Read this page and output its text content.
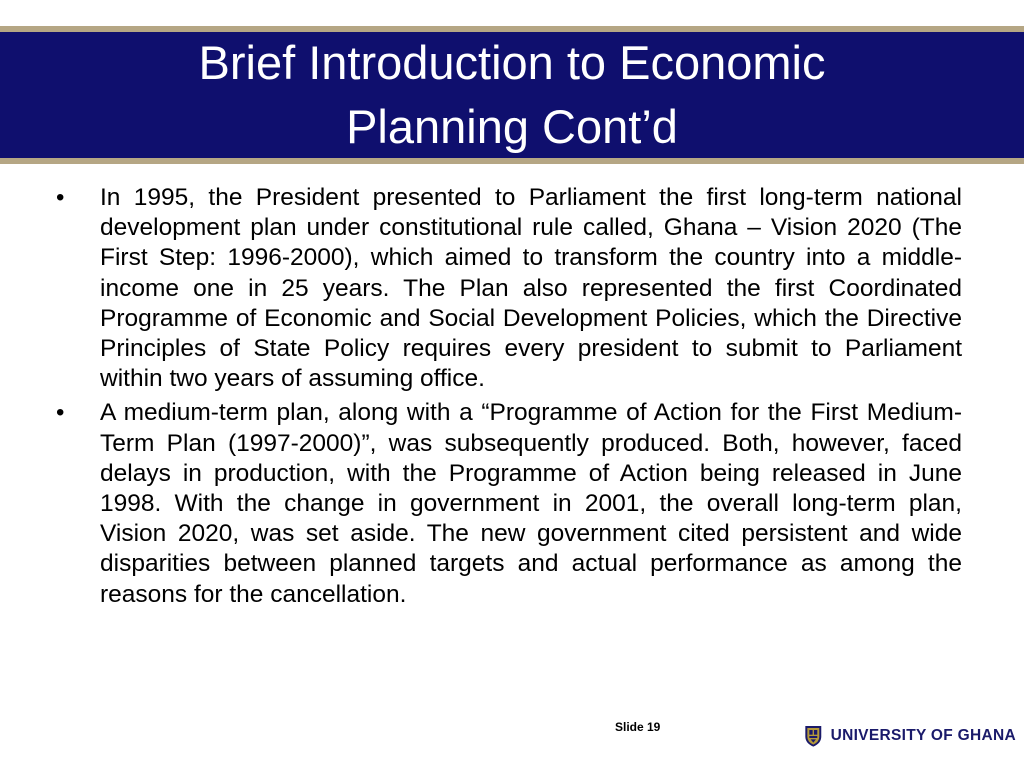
Brief Introduction to Economic
Planning Cont’d

• In 1995, the President presented to Parliament the first long-term national development plan under constitutional rule called, Ghana – Vision 2020 (The First Step: 1996-2000), which aimed to transform the country into a middle- income one in 25 years. The Plan also represented the first Coordinated Programme of Economic and Social Development Policies, which the Directive Principles of State Policy requires every president to submit to Parliament within two years of assuming office.

• A medium-term plan, along with a “Programme of Action for the First Medium-Term Plan (1997-2000)”, was subsequently produced. Both, however, faced delays in production, with the Programme of Action being released in June 1998. With the change in government in 2001, the overall long-term plan, Vision 2020, was set aside. The new government cited persistent and wide disparities between planned targets and actual performance as among the reasons for the cancellation.

Slide 19	UNIVERSITY OF GHANA
